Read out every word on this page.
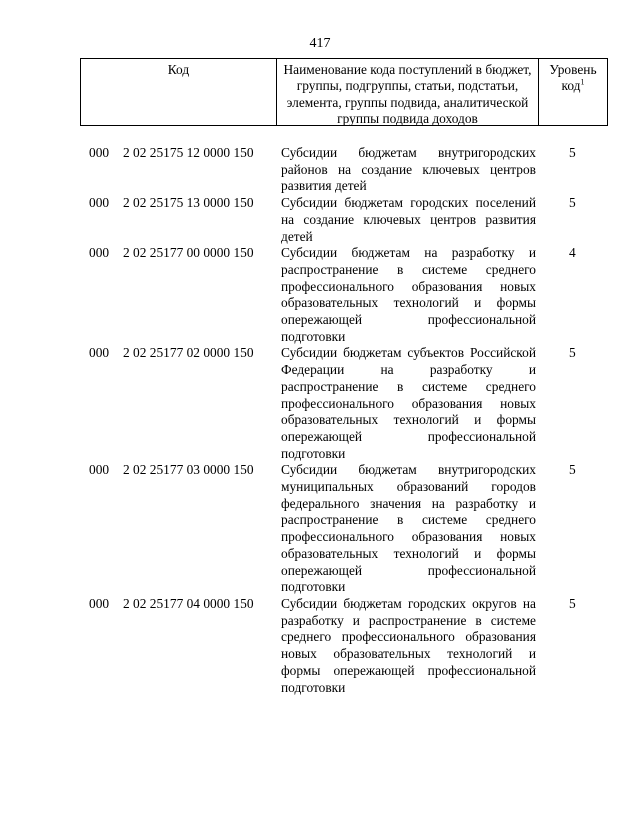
417
Код	Наименование кода поступлений в бюджет, группы, подгруппы, статьи, подстатьи, элемента, группы подвида, аналитической группы подвида доходов
Уровень код$^1$
000 2 02 25175 12 0000 150 Субсидии бюджетам внутригородских районов на создание ключевых центров развития детей
5
000 2 02 25175 13 0000 150 Субсидии бюджетам городских поселений на создание ключевых центров развития детей
5
000 2 02 25177 00 0000 150 Субсидии бюджетам на разработку и распространение в системе среднего профессионального образования новых образовательных технологий и формы опережающей профессиональной подготовки
4
000 2 02 25177 02 0000 150 Субсидии бюджетам субъектов Российской Федерации на разработку и распространение в системе среднего профессионального образования новых образовательных технологий и формы опережающей профессиональной подготовки
5
000 2 02 25177 03 0000 150 Субсидии бюджетам внутригородских муниципальных образований городов федерального значения на разработку и распространение в системе среднего профессионального образования новых образовательных технологий и формы опережающей профессиональной подготовки
5
000 2 02 25177 04 0000 150 Субсидии бюджетам городских округов на разработку и распространение в системе среднего профессионального образования новых образовательных технологий и формы опережающей профессиональной подготовки
5
